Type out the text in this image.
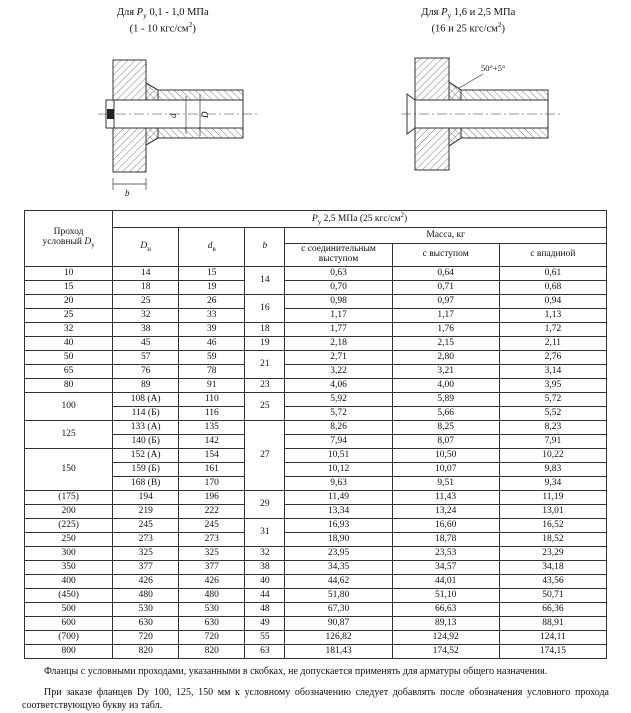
Для $P_y$ 0,1 - 1,0 МПа
(1 - 10 кгс/$см^2$)
b
d D
Для $P_y$ 1,6 и 2,5 МПа
(16 и 25 кгс/$см^2$)
50°+5°
Проход
условный $D_y$	$P_y$ 2,5 МПа (25 кгс/$см^2$)					
	$D_н$	$d_в$	b	Масса, кг		
				с соединительным выступом	с выступом	с впадиной
10	14	15	14	0,63	0,64	0,61
15	18	19		0,70	0,71	0,68
20	25	26	16	0,98	0,97	0,94
25	32	33		1,17	1,17	1,13
32	38	39	18	1,77	1,76	1,72
40	45	46	19	2,18	2,15	2,11
50	57	59	21	2,71	2,80	2,76
65	76	78		3,22	3,21	3,14
80	89	91	23	4,06	4,00	3,95
100	108 (А)	110	25	5,92	5,89	5,72
	114 (Б)	116		5,72	5,66	5,52
125	133 (А)	135	27	8,26	8,25	8,23
	140 (Б)	142		7,94	8,07	7,91
150	152 (А)	154		10,51	10,50	10,22
	159 (Б)	161		10,12	10,07	9,83
	168 (В)	170		9,63	9,51	9,34
(175)	194	196	29	11,49	11,43	11,19
200	219	222		13,34	13,24	13,01
(225)	245	245	31	16,93	16,60	16,52
250	273	273		18,90	18,78	18,52
300	325	325	32	23,95	23,53	23,29
350	377	377	38	34,35	34,57	34,18
400	426	426	40	44,62	44,01	43,56
(450)	480	480	44	51,80	51,10	50,71
500	530	530	48	67,30	66,63	66,36
600	630	630	49	90,87	89,13	88,91
(700)	720	720	55	126,82	124,92	124,11
800	820	820	63	181,43	174,52	174,15

Фланцы с условными проходами, указанными в скобках, не допускается применять для арматуры общего назначения.

При заказе фланцев Dу 100, 125, 150 мм к условному обозначению следует добавлять после обозначения условного прохода соответствующую букву из табл.
